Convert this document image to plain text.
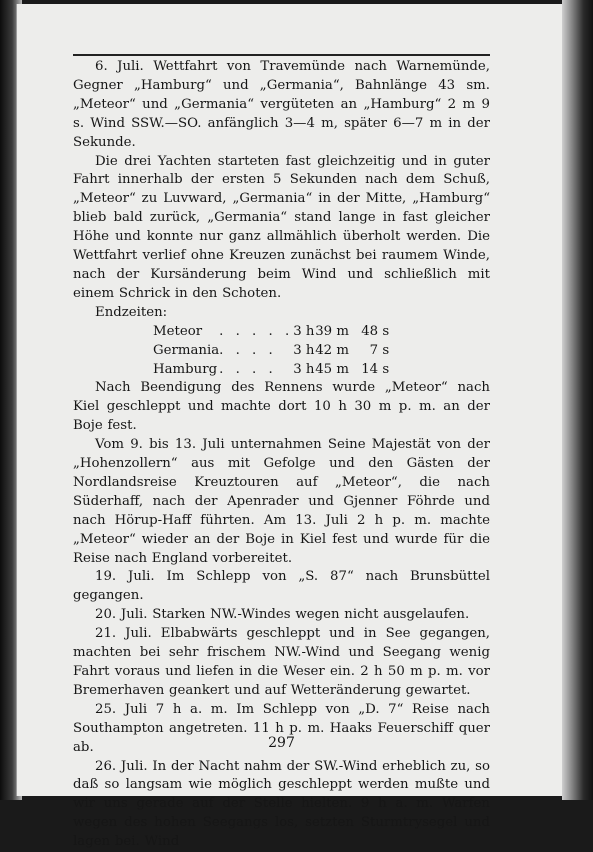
6. Juli. Wettfahrt von Travemünde nach Warnemünde, Gegner „Hamburg“ und „Germania“, Bahnlänge 43 sm. „Meteor“ und „Germania“ vergüteten an „Hamburg“ 2 m 9 s. Wind SSW.—SO. anfänglich 3—4 m, später 6—7 m in der Sekunde.

Die drei Yachten starteten fast gleichzeitig und in guter Fahrt innerhalb der ersten 5 Sekunden nach dem Schuß, „Meteor“ zu Luvward, „Germania“ in der Mitte, „Hamburg“ blieb bald zurück, „Germania“ stand lange in fast gleicher Höhe und konnte nur ganz allmählich überholt werden. Die Wettfahrt verlief ohne Kreuzen zunächst bei raumem Winde, nach der Kursänderung beim Wind und schließlich mit einem Schrick in den Schoten.

Endzeiten:

Meteor	. . . . .	3 h	39 m	48 s
Germania	. . . .	3 h	42 m	7 s
Hamburg	. . . .	3 h	45 m	14 s

Nach Beendigung des Rennens wurde „Meteor“ nach Kiel geschleppt und machte dort 10 h 30 m p. m. an der Boje fest.

Vom 9. bis 13. Juli unternahmen Seine Majestät von der „Hohenzollern“ aus mit Gefolge und den Gästen der Nordlandsreise Kreuztouren auf „Meteor“, die nach Süderhaff, nach der Apenrader und Gjenner Föhrde und nach Hörup-Haff führten. Am 13. Juli 2 h p. m. machte „Meteor“ wieder an der Boje in Kiel fest und wurde für die Reise nach England vorbereitet.

19. Juli. Im Schlepp von „S. 87“ nach Brunsbüttel gegangen.

20. Juli. Starken NW.-Windes wegen nicht ausgelaufen.

21. Juli. Elbabwärts geschleppt und in See gegangen, machten bei sehr frischem NW.-Wind und Seegang wenig Fahrt voraus und liefen in die Weser ein. 2 h 50 m p. m. vor Bremerhaven geankert und auf Wetteränderung gewartet.

25. Juli 7 h a. m. Im Schlepp von „D. 7“ Reise nach Southampton angetreten. 11 h p. m. Haaks Feuerschiff quer ab.

26. Juli. In der Nacht nahm der SW.-Wind erheblich zu, so daß so langsam wie möglich geschleppt werden mußte und wir uns gerade auf der Stelle hielten. 9 h a. m. Warfen wegen des hohen Seegangs los, setzten Sturmtrysegel und lagen bei. Wind

297
